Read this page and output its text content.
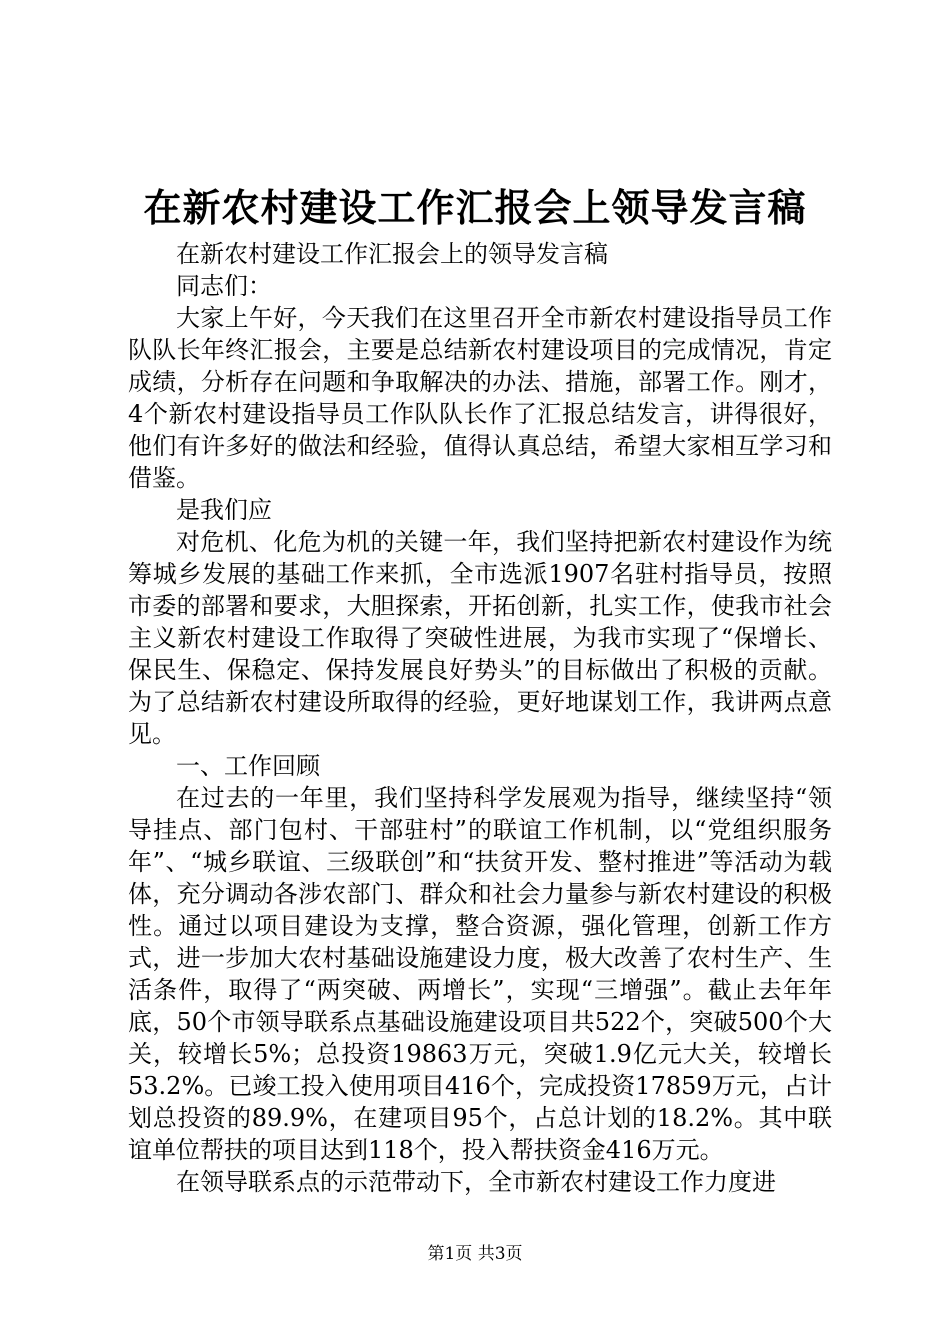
在新农村建设工作汇报会上领导发言稿

在新农村建设工作汇报会上的领导发言稿

同志们：

大家上午好，今天我们在这里召开全市新农村建设指导员工作队队长年终汇报会，主要是总结新农村建设项目的完成情况，肯定成绩，分析存在问题和争取解决的办法、措施，部署工作。刚才，4个新农村建设指导员工作队队长作了汇报总结发言，讲得很好，他们有许多好的做法和经验，值得认真总结，希望大家相互学习和借鉴。

是我们应

对危机、化危为机的关键一年，我们坚持把新农村建设作为统筹城乡发展的基础工作来抓，全市选派1907名驻村指导员，按照市委的部署和要求，大胆探索，开拓创新，扎实工作，使我市社会主义新农村建设工作取得了突破性进展，为我市实现了“保增长、保民生、保稳定、保持发展良好势头”的目标做出了积极的贡献。为了总结新农村建设所取得的经验，更好地谋划工作，我讲两点意见。

一、工作回顾

在过去的一年里，我们坚持科学发展观为指导，继续坚持“领导挂点、部门包村、干部驻村”的联谊工作机制，以“党组织服务年”、“城乡联谊、三级联创”和“扶贫开发、整村推进”等活动为载体，充分调动各涉农部门、群众和社会力量参与新农村建设的积极性。通过以项目建设为支撑，整合资源，强化管理，创新工作方式，进一步加大农村基础设施建设力度，极大改善了农村生产、生活条件，取得了“两突破、两增长”，实现“三增强”。截止去年年底，50个市领导联系点基础设施建设项目共522个，突破500个大关，较增长5%；总投资19863万元，突破1.9亿元大关，较增长53.2%。已竣工投入使用项目416个，完成投资17859万元，占计划总投资的89.9%，在建项目95个，占总计划的18.2%。其中联谊单位帮扶的项目达到118个，投入帮扶资金416万元。

在领导联系点的示范带动下，全市新农村建设工作力度进

第1页 共3页
